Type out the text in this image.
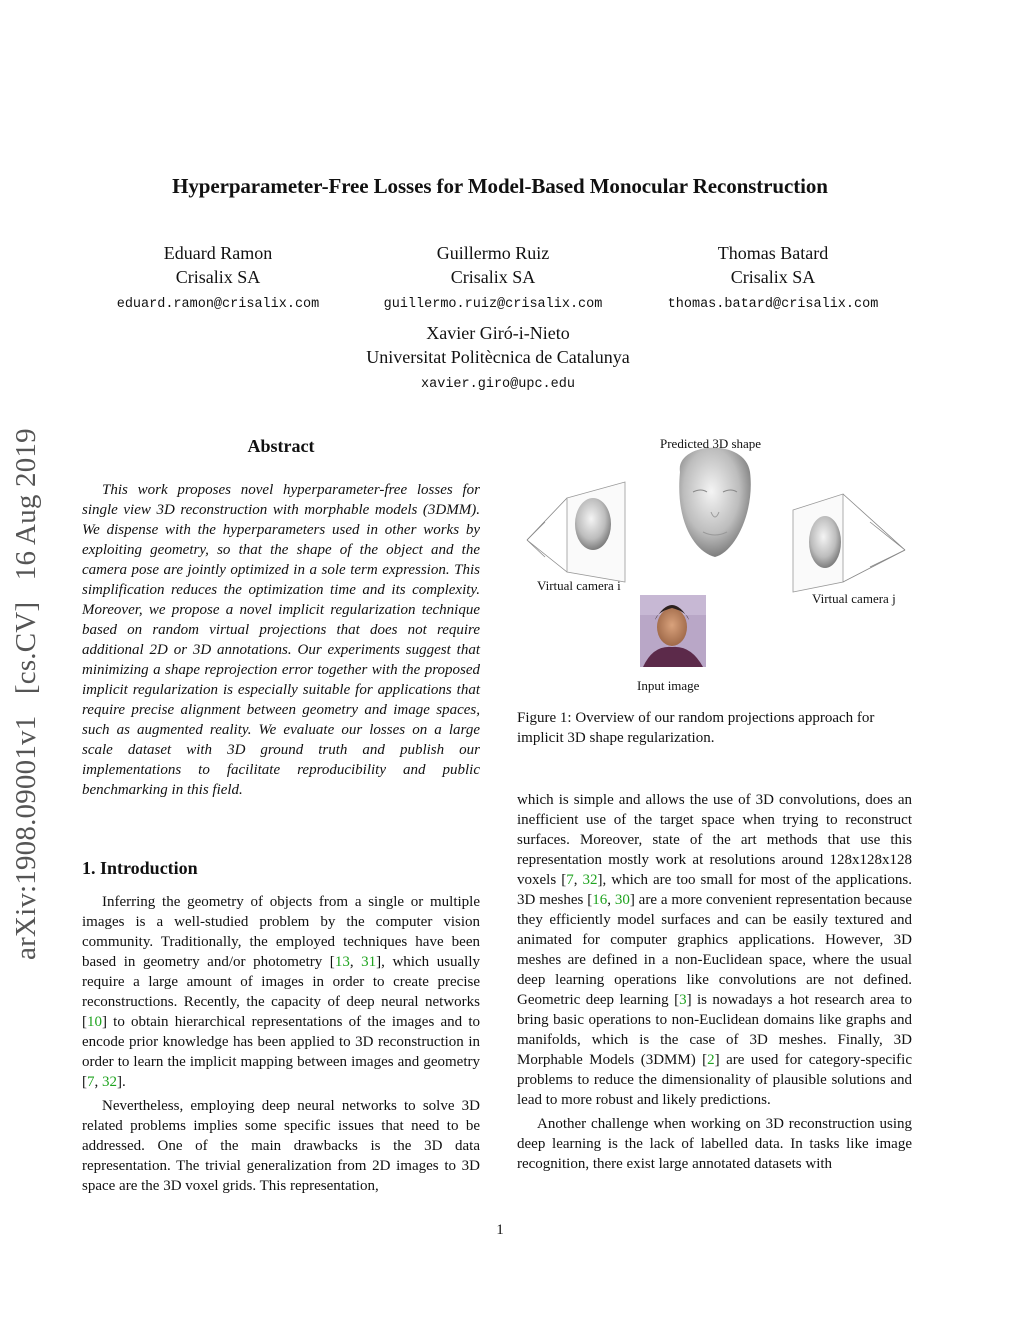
Hyperparameter-Free Losses for Model-Based Monocular Reconstruction
Eduard Ramon
Crisalix SA
eduard.ramon@crisalix.com
Guillermo Ruiz
Crisalix SA
guillermo.ruiz@crisalix.com
Thomas Batard
Crisalix SA
thomas.batard@crisalix.com
Xavier Giró-i-Nieto
Universitat Politècnica de Catalunya
xavier.giro@upc.edu
arXiv:1908.09001v1 [cs.CV] 16 Aug 2019	Abstract
This work proposes novel hyperparameter-free losses for single view 3D reconstruction with morphable models (3DMM). We dispense with the hyperparameters used in other works by exploiting geometry, so that the shape of the object and the camera pose are jointly optimized in a sole term expression. This simplification reduces the optimization time and its complexity. Moreover, we propose a novel implicit regularization technique based on random virtual projections that does not require additional 2D or 3D annotations. Our experiments suggest that minimizing a shape reprojection error together with the proposed implicit regularization is especially suitable for applications that require precise alignment between geometry and image spaces, such as augmented reality. We evaluate our losses on a large scale dataset with 3D ground truth and publish our implementations to facilitate reproducibility and public benchmarking in this field.
1. Introduction

Inferring the geometry of objects from a single or multiple images is a well-studied problem by the computer vision community. Traditionally, the employed techniques have been based in geometry and/or photometry [13, 31], which usually require a large amount of images in order to create precise reconstructions. Recently, the capacity of deep neural networks [10] to obtain hierarchical representations of the images and to encode prior knowledge has been applied to 3D reconstruction in order to learn the implicit mapping between images and geometry [7, 32].

Nevertheless, employing deep neural networks to solve 3D related problems implies some specific issues that need to be addressed. One of the main drawbacks is the 3D data representation. The trivial generalization from 2D images to 3D space are the 3D voxel grids. This representation,

Predicted 3D shape
Virtual camera i
Virtual camera j
Input image
Figure 1: Overview of our random projections approach for implicit 3D shape regularization.

which is simple and allows the use of 3D convolutions, does an inefficient use of the target space when trying to reconstruct surfaces. Moreover, state of the art methods that use this representation mostly work at resolutions around 128x128x128 voxels [7, 32], which are too small for most of the applications. 3D meshes [16, 30] are a more convenient representation because they efficiently model surfaces and can be easily textured and animated for computer graphics applications. However, 3D meshes are defined in a non-Euclidean space, where the usual deep learning operations like convolutions are not defined. Geometric deep learning [3] is nowadays a hot research area to bring basic operations to non-Euclidean domains like graphs and manifolds, which is the case of 3D meshes. Finally, 3D Morphable Models (3DMM) [2] are used for category-specific problems to reduce the dimensionality of plausible solutions and lead to more robust and likely predictions.

Another challenge when working on 3D reconstruction using deep learning is the lack of labelled data. In tasks like image recognition, there exist large annotated datasets with

1
